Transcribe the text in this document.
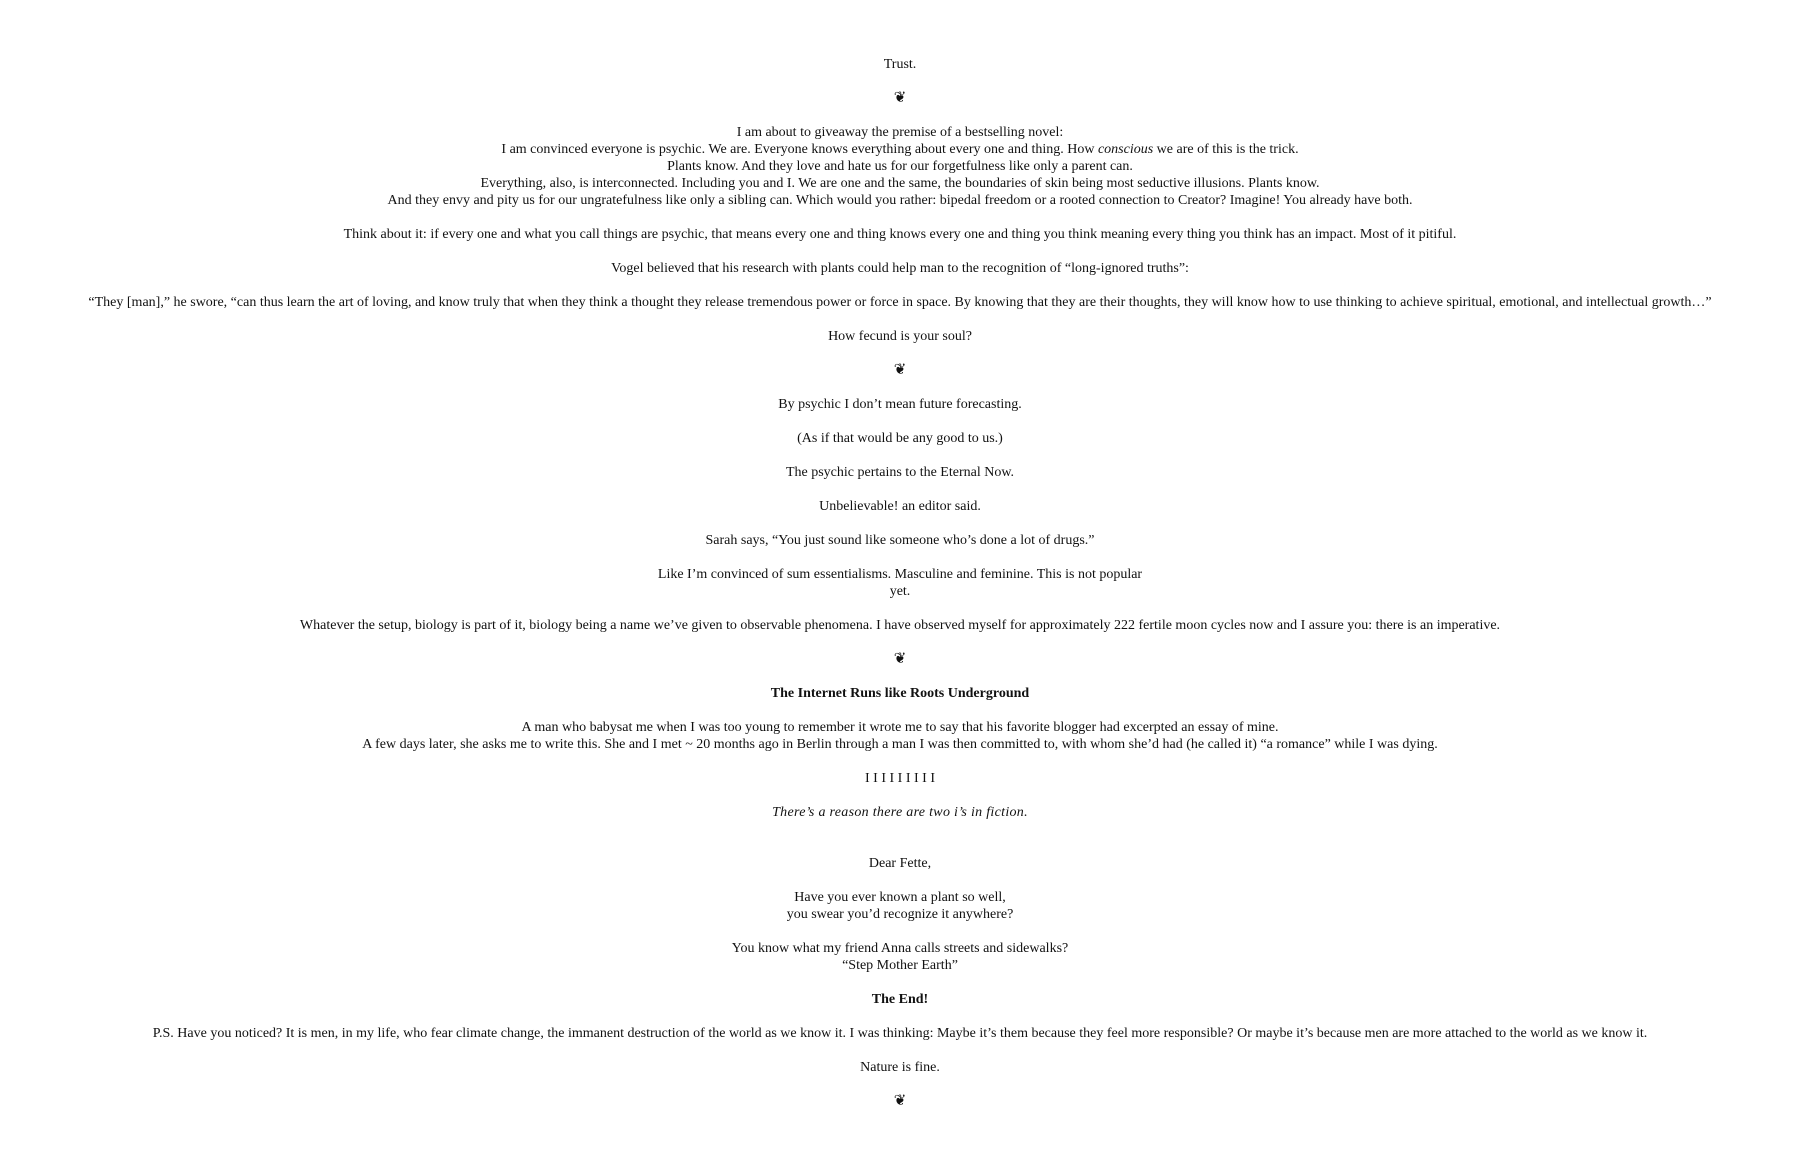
Trust.
❦
I am about to giveaway the premise of a bestselling novel:
I am convinced everyone is psychic. We are. Everyone knows everything about every one and thing. How conscious we are of this is the trick.
Plants know. And they love and hate us for our forgetfulness like only a parent can.
Everything, also, is interconnected. Including you and I. We are one and the same, the boundaries of skin being most seductive illusions. Plants know.
And they envy and pity us for our ungratefulness like only a sibling can. Which would you rather: bipedal freedom or a rooted connection to Creator? Imagine! You already have both.
Think about it: if every one and what you call things are psychic, that means every one and thing knows every one and thing you think meaning every thing you think has an impact. Most of it pitiful.
Vogel believed that his research with plants could help man to the recognition of “long-ignored truths”:
“They [man],” he swore, “can thus learn the art of loving, and know truly that when they think a thought they release tremendous power or force in space. By knowing that they are their thoughts, they will know how to use thinking to achieve spiritual, emotional, and intellectual growth…”
How fecund is your soul?
❦
By psychic I don’t mean future forecasting.
(As if that would be any good to us.)
The psychic pertains to the Eternal Now.
Unbelievable! an editor said.
Sarah says, “You just sound like someone who’s done a lot of drugs.”
Like I’m convinced of sum essentialisms. Masculine and feminine. This is not popular
yet.
Whatever the setup, biology is part of it, biology being a name we’ve given to observable phenomena. I have observed myself for approximately 222 fertile moon cycles now and I assure you: there is an imperative.
❦
The Internet Runs like Roots Underground
A man who babysat me when I was too young to remember it wrote me to say that his favorite blogger had excerpted an essay of mine.
A few days later, she asks me to write this. She and I met ~ 20 months ago in Berlin through a man I was then committed to, with whom she’d had (he called it) “a romance” while I was dying.
I I I I I I I I I
There’s a reason there are two i’s in fiction.
Dear Fette,
Have you ever known a plant so well,
you swear you’d recognize it anywhere?
You know what my friend Anna calls streets and sidewalks?
“Step Mother Earth”
The End!
P.S. Have you noticed? It is men, in my life, who fear climate change, the immanent destruction of the world as we know it. I was thinking: Maybe it’s them because they feel more responsible? Or maybe it’s because men are more attached to the world as we know it.
Nature is fine.
❦
